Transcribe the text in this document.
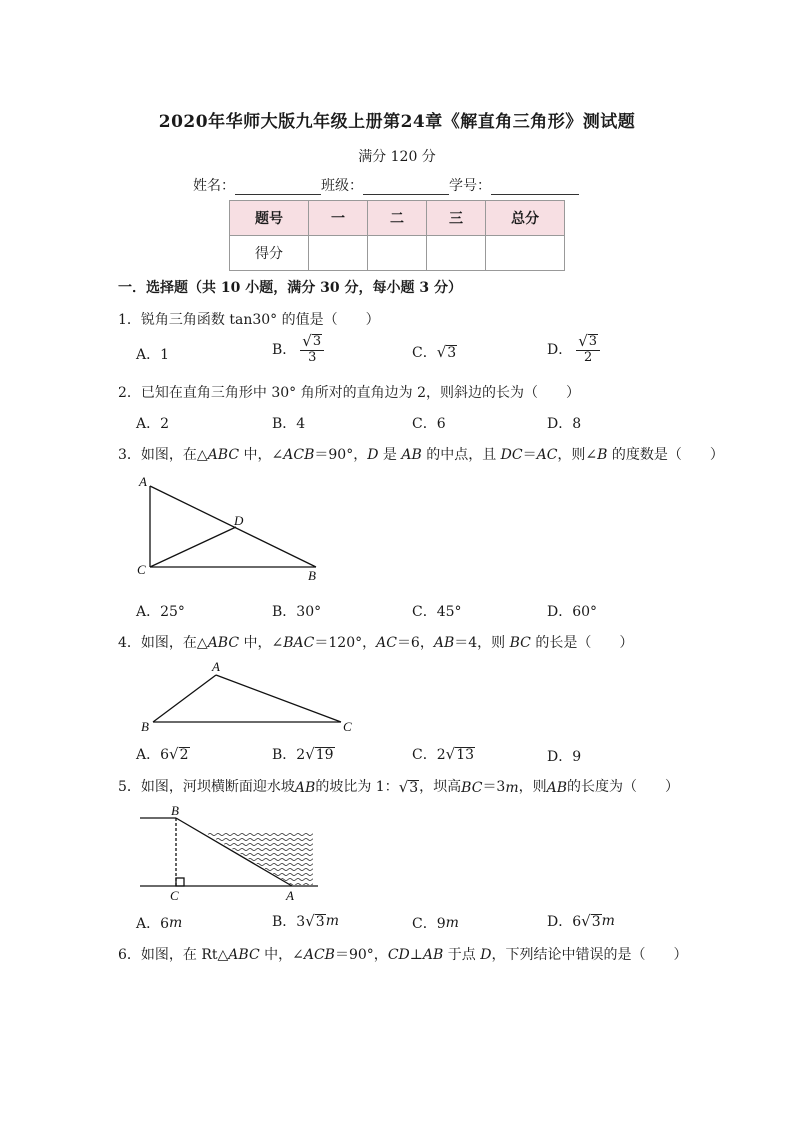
2020年华师大版九年级上册第24章《解直角三角形》测试题
满分 120 分
姓名：	班级：	学号：
题号	一	二	三	总分
得分				
一．选择题（共 10 小题，满分 30 分，每小题 3 分）
1．锐角三角函数 tan30° 的值是（　　）
A．1	B． $\frac{√ 3}{3}$	C． √ 3	D． $\frac{√ 3}{2}$
2．已知在直角三角形中 30° 角所对的直角边为 2，则斜边的长为（　　）
A．2	B．4	C．6	D．8
3．如图，在△ABC 中，∠ACB＝90°，D 是 AB 的中点，且 DC＝AC，则∠B 的度数是（　　）
A
C	B
D
A．25°	B．30°	C．45°	D．60°
4．如图，在△ABC 中，∠BAC＝120°，AC＝6，AB＝4，则 BC 的长是（　　）
A
B	C
A．6 √ 2	B．2 √ 19	C．2 √ 13	D．9
5．如图，河坝横断面迎水坡 AB 的坡比为 1： √ 3 ，坝高 BC ＝3 m ，则 AB 的长度为（　　）
B
C	A
A．6 m	B．3 √ 3 m	C．9 m	D．6 √ 3 m
6．如图，在 Rt△ABC 中，∠ACB＝90°，CD⊥AB 于点 D，下列结论中错误的是（　　）
